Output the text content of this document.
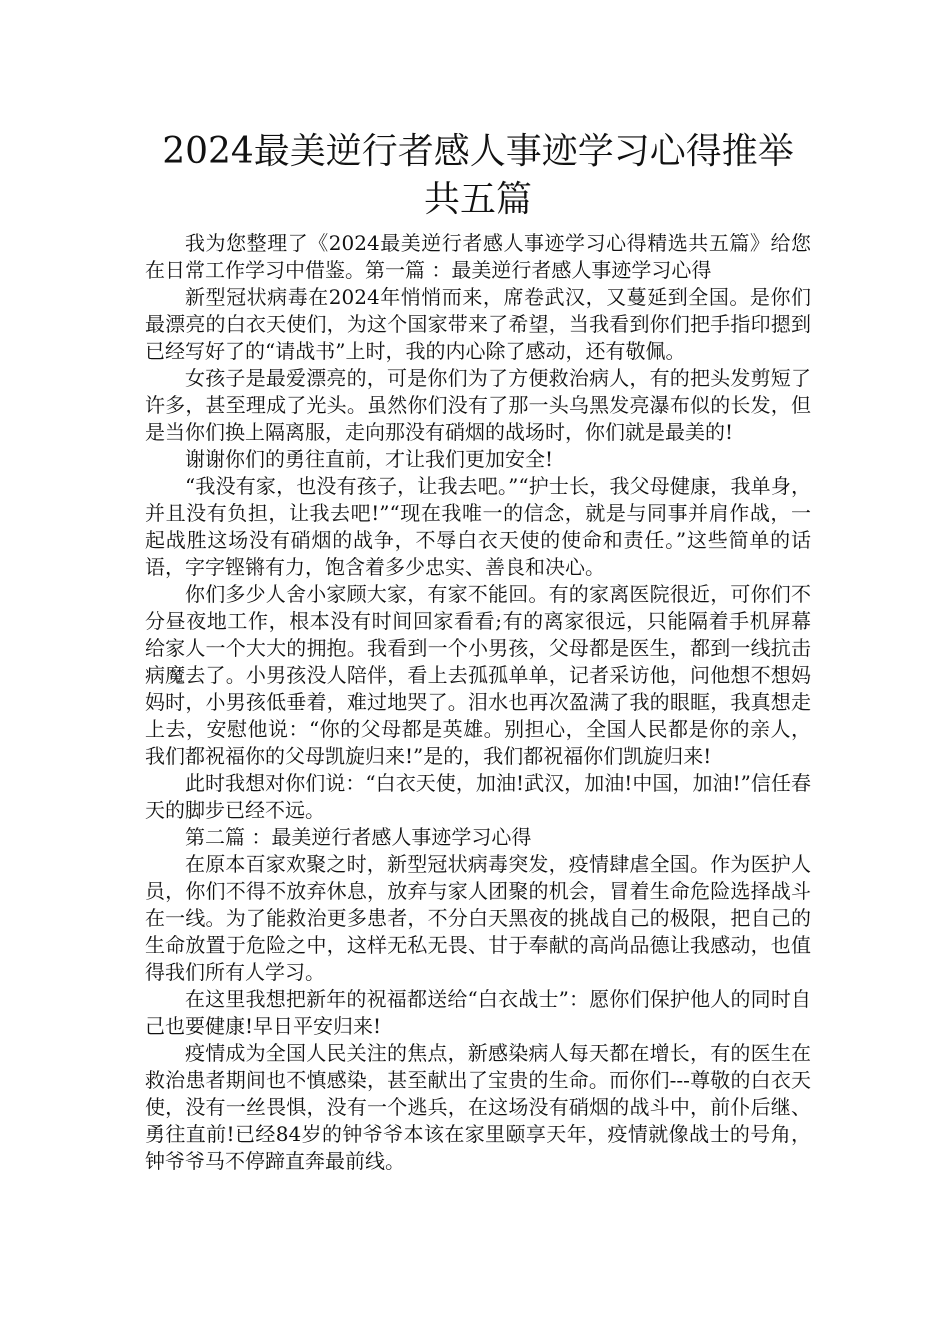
2024最美逆行者感人事迹学习心得推举共五篇

我为您整理了《2024最美逆行者感人事迹学习心得精选共五篇》给您在日常工作学习中借鉴。第一篇 ：最美逆行者感人事迹学习心得

新型冠状病毒在2024年悄悄而来，席卷武汉，又蔓延到全国。是你们最漂亮的白衣天使们，为这个国家带来了希望，当我看到你们把手指印摁到已经写好了的“请战书”上时，我的内心除了感动，还有敬佩。

女孩子是最爱漂亮的，可是你们为了方便救治病人，有的把头发剪短了许多，甚至理成了光头。虽然你们没有了那一头乌黑发亮瀑布似的长发，但是当你们换上隔离服，走向那没有硝烟的战场时，你们就是最美的!

谢谢你们的勇往直前，才让我们更加安全!

“我没有家，也没有孩子，让我去吧。”“护士长，我父母健康，我单身，并且没有负担，让我去吧!”“现在我唯一的信念，就是与同事并肩作战，一起战胜这场没有硝烟的战争，不辱白衣天使的使命和责任。”这些简单的话语，字字铿锵有力，饱含着多少忠实、善良和决心。

你们多少人舍小家顾大家，有家不能回。有的家离医院很近，可你们不分昼夜地工作，根本没有时间回家看看;有的离家很远，只能隔着手机屏幕给家人一个大大的拥抱。我看到一个小男孩，父母都是医生，都到一线抗击病魔去了。小男孩没人陪伴，看上去孤孤单单，记者采访他，问他想不想妈妈时，小男孩低垂着，难过地哭了。泪水也再次盈满了我的眼眶，我真想走上去，安慰他说：“你的父母都是英雄。别担心，全国人民都是你的亲人，我们都祝福你的父母凯旋归来!”是的，我们都祝福你们凯旋归来!

此时我想对你们说：“白衣天使，加油!武汉，加油!中国，加油!”信任春天的脚步已经不远。

第二篇 ：最美逆行者感人事迹学习心得

在原本百家欢聚之时，新型冠状病毒突发，疫情肆虐全国。作为医护人员，你们不得不放弃休息，放弃与家人团聚的机会，冒着生命危险选择战斗在一线。为了能救治更多患者，不分白天黑夜的挑战自己的极限，把自己的生命放置于危险之中，这样无私无畏、甘于奉献的高尚品德让我感动，也值得我们所有人学习。

在这里我想把新年的祝福都送给“白衣战士”：愿你们保护他人的同时自己也要健康!早日平安归来!

疫情成为全国人民关注的焦点，新感染病人每天都在增长，有的医生在救治患者期间也不慎感染，甚至献出了宝贵的生命。而你们---尊敬的白衣天使，没有一丝畏惧，没有一个逃兵，在这场没有硝烟的战斗中，前仆后继、勇往直前!已经84岁的钟爷爷本该在家里颐享天年，疫情就像战士的号角，钟爷爷马不停蹄直奔最前线。
